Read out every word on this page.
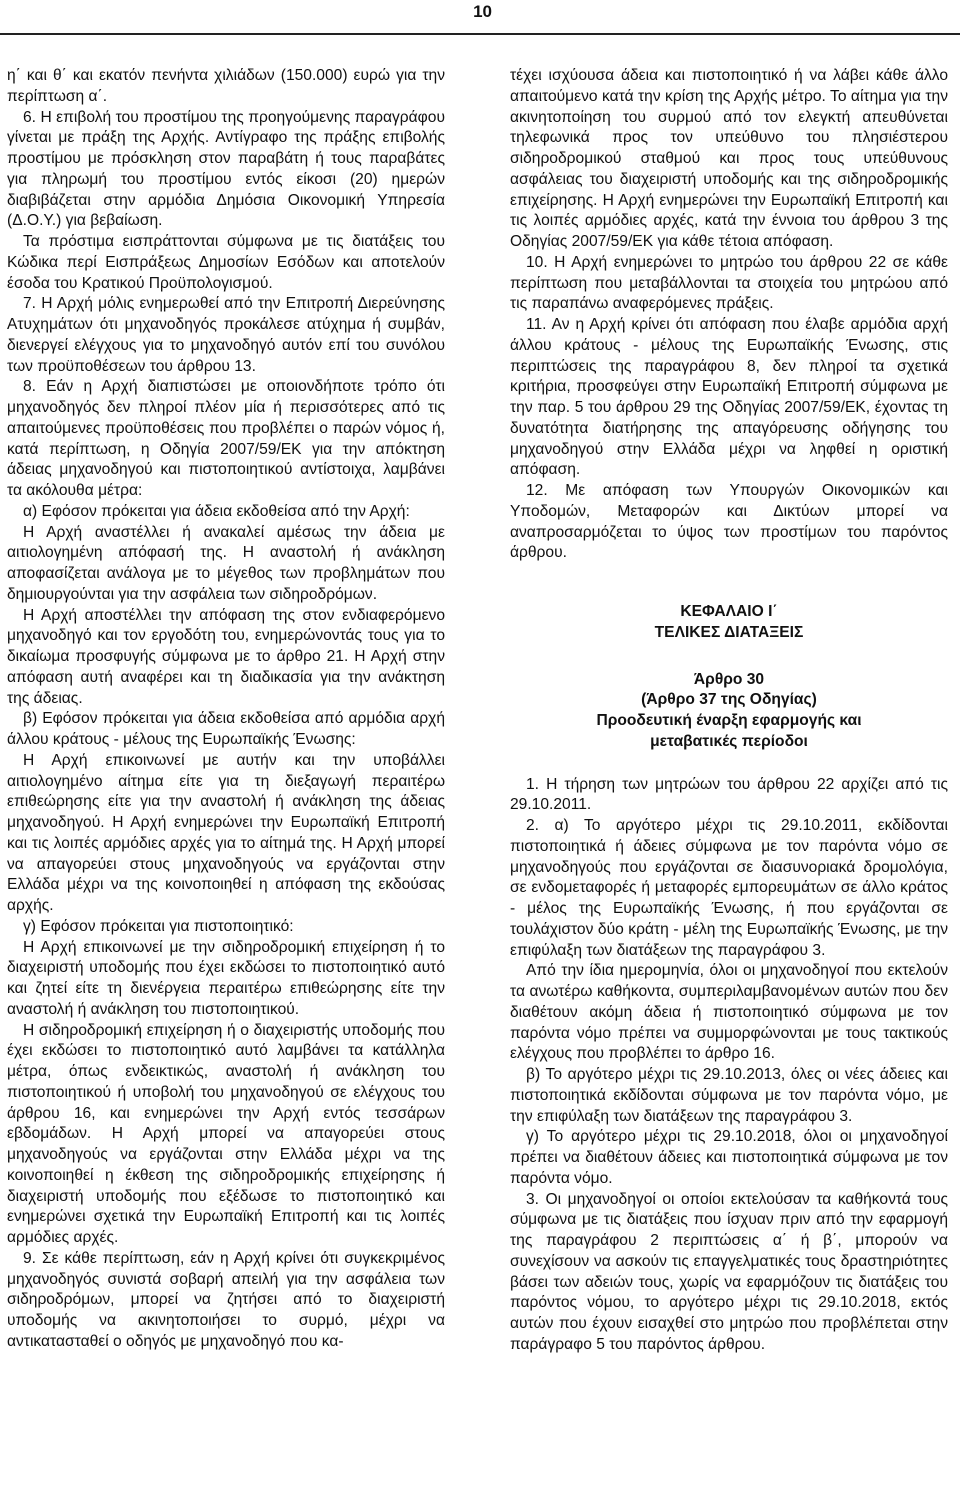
10

η΄ και θ΄ και εκατόν πενήντα χιλιάδων (150.000) ευρώ για την περίπτωση α΄.

6. Η επιβολή του προστίμου της προηγούμενης παραγράφου γίνεται με πράξη της Αρχής. Αντίγραφο της πράξης επιβολής προστίμου με πρόσκληση στον παραβάτη ή τους παραβάτες για πληρωμή του προστίμου εντός είκοσι (20) ημερών διαβιβάζεται στην αρμόδια Δημόσια Οικονομική Υπηρεσία (Δ.Ο.Υ.) για βεβαίωση.

Τα πρόστιμα εισπράττονται σύμφωνα με τις διατάξεις του Κώδικα περί Εισπράξεως Δημοσίων Εσόδων και αποτελούν έσοδα του Κρατικού Προϋπολογισμού.

7. Η Αρχή μόλις ενημερωθεί από την Επιτροπή Διερεύνησης Ατυχημάτων ότι μηχανοδηγός προκάλεσε ατύχημα ή συμβάν, διενεργεί ελέγχους για το μηχανοδηγό αυτόν επί του συνόλου των προϋποθέσεων του άρθρου 13.

8. Εάν η Αρχή διαπιστώσει με οποιονδήποτε τρόπο ότι μηχανοδηγός δεν πληροί πλέον μία ή περισσότερες από τις απαιτούμενες προϋποθέσεις που προβλέπει ο παρών νόμος ή, κατά περίπτωση, η Οδηγία 2007/59/ΕΚ για την απόκτηση άδειας μηχανοδηγού και πιστοποιητικού αντίστοιχα, λαμβάνει τα ακόλουθα μέτρα:

α) Εφόσον πρόκειται για άδεια εκδοθείσα από την Αρχή:

Η Αρχή αναστέλλει ή ανακαλεί αμέσως την άδεια με αιτιολογημένη απόφασή της. Η αναστολή ή ανάκληση αποφασίζεται ανάλογα με το μέγεθος των προβλημάτων που δημιουργούνται για την ασφάλεια των σιδηροδρόμων.

Η Αρχή αποστέλλει την απόφαση της στον ενδιαφερόμενο μηχανοδηγό και τον εργοδότη του, ενημερώνοντάς τους για το δικαίωμα προσφυγής σύμφωνα με το άρθρο 21. Η Αρχή στην απόφαση αυτή αναφέρει και τη διαδικασία για την ανάκτηση της άδειας.

β) Εφόσον πρόκειται για άδεια εκδοθείσα από αρμόδια αρχή άλλου κράτους - μέλους της Ευρωπαϊκής Ένωσης:

Η Αρχή επικοινωνεί με αυτήν και την υποβάλλει αιτιολογημένο αίτημα είτε για τη διεξαγωγή περαιτέρω επιθεώρησης είτε για την αναστολή ή ανάκληση της άδειας μηχανοδηγού. Η Αρχή ενημερώνει την Ευρωπαϊκή Επιτροπή και τις λοιπές αρμόδιες αρχές για το αίτημά της. Η Αρχή μπορεί να απαγορεύει στους μηχανοδηγούς να εργάζονται στην Ελλάδα μέχρι να της κοινοποιηθεί η απόφαση της εκδούσας αρχής.

γ) Εφόσον πρόκειται για πιστοποιητικό:

Η Αρχή επικοινωνεί με την σιδηροδρομική επιχείρηση ή το διαχειριστή υποδομής που έχει εκδώσει το πιστοποιητικό αυτό και ζητεί είτε τη διενέργεια περαιτέρω επιθεώρησης είτε την αναστολή ή ανάκληση του πιστοποιητικού.

Η σιδηροδρομική επιχείρηση ή ο διαχειριστής υποδομής που έχει εκδώσει το πιστοποιητικό αυτό λαμβάνει τα κατάλληλα μέτρα, όπως ενδεικτικώς, αναστολή ή ανάκληση του πιστοποιητικού ή υποβολή του μηχανοδηγού σε ελέγχους του άρθρου 16, και ενημερώνει την Αρχή εντός τεσσάρων εβδομάδων. Η Αρχή μπορεί να απαγορεύει στους μηχανοδηγούς να εργάζονται στην Ελλάδα μέχρι να της κοινοποιηθεί η έκθεση της σιδηροδρομικής επιχείρησης ή διαχειριστή υποδομής που εξέδωσε το πιστοποιητικό και ενημερώνει σχετικά την Ευρωπαϊκή Επιτροπή και τις λοιπές αρμόδιες αρχές.

9. Σε κάθε περίπτωση, εάν η Αρχή κρίνει ότι συγκεκριμένος μηχανοδηγός συνιστά σοβαρή απειλή για την ασφάλεια των σιδηροδρόμων, μπορεί να ζητήσει από το διαχειριστή υποδομής να ακινητοποιήσει το συρμό, μέχρι να αντικατασταθεί ο οδηγός με μηχανοδηγό που κα-

τέχει ισχύουσα άδεια και πιστοποιητικό ή να λάβει κάθε άλλο απαιτούμενο κατά την κρίση της Αρχής μέτρο. Το αίτημα για την ακινητοποίηση του συρμού από τον ελεγκτή απευθύνεται τηλεφωνικά προς τον υπεύθυνο του πλησιέστερου σιδηροδρομικού σταθμού και προς τους υπεύθυνους ασφάλειας του διαχειριστή υποδομής και της σιδηροδρομικής επιχείρησης. Η Αρχή ενημερώνει την Ευρωπαϊκή Επιτροπή και τις λοιπές αρμόδιες αρχές, κατά την έννοια του άρθρου 3 της Οδηγίας 2007/59/ΕΚ για κάθε τέτοια απόφαση.

10. Η Αρχή ενημερώνει το μητρώο του άρθρου 22 σε κάθε περίπτωση που μεταβάλλονται τα στοιχεία του μητρώου από τις παραπάνω αναφερόμενες πράξεις.

11. Αν η Αρχή κρίνει ότι απόφαση που έλαβε αρμόδια αρχή άλλου κράτους - μέλους της Ευρωπαϊκής Ένωσης, στις περιπτώσεις της παραγράφου 8, δεν πληροί τα σχετικά κριτήρια, προσφεύγει στην Ευρωπαϊκή Επιτροπή σύμφωνα με την παρ. 5 του άρθρου 29 της Οδηγίας 2007/59/ΕΚ, έχοντας τη δυνατότητα διατήρησης της απαγόρευσης οδήγησης του μηχανοδηγού στην Ελλάδα μέχρι να ληφθεί η οριστική απόφαση.

12. Με απόφαση των Υπουργών Οικονομικών και Υποδομών, Μεταφορών και Δικτύων μπορεί να αναπροσαρμόζεται το ύψος των προστίμων του παρόντος άρθρου.

ΚΕΦΑΛΑΙΟ Ι΄

ΤΕΛΙΚΕΣ ΔΙΑΤΑΞΕΙΣ

Άρθρο 30

(Άρθρο 37 της Οδηγίας)

Προοδευτική έναρξη εφαρμογής και

μεταβατικές περίοδοι

1. Η τήρηση των μητρώων του άρθρου 22 αρχίζει από τις 29.10.2011.

2. α) Το αργότερο μέχρι τις 29.10.2011, εκδίδονται πιστοποιητικά ή άδειες σύμφωνα με τον παρόντα νόμο σε μηχανοδηγούς που εργάζονται σε διασυνοριακά δρομολόγια, σε ενδομεταφορές ή μεταφορές εμπορευμάτων σε άλλο κράτος - μέλος της Ευρωπαϊκής Ένωσης, ή που εργάζονται σε τουλάχιστον δύο κράτη - μέλη της Ευρωπαϊκής Ένωσης, με την επιφύλαξη των διατάξεων της παραγράφου 3.

Από την ίδια ημερομηνία, όλοι οι μηχανοδηγοί που εκτελούν τα ανωτέρω καθήκοντα, συμπεριλαμβανομένων αυτών που δεν διαθέτουν ακόμη άδεια ή πιστοποιητικό σύμφωνα με τον παρόντα νόμο πρέπει να συμμορφώνονται με τους τακτικούς ελέγχους που προβλέπει το άρθρο 16.

β) Το αργότερο μέχρι τις 29.10.2013, όλες οι νέες άδειες και πιστοποιητικά εκδίδονται σύμφωνα με τον παρόντα νόμο, με την επιφύλαξη των διατάξεων της παραγράφου 3.

γ) Το αργότερο μέχρι τις 29.10.2018, όλοι οι μηχανοδηγοί πρέπει να διαθέτουν άδειες και πιστοποιητικά σύμφωνα με τον παρόντα νόμο.

3. Οι μηχανοδηγοί οι οποίοι εκτελούσαν τα καθήκοντά τους σύμφωνα με τις διατάξεις που ίσχυαν πριν από την εφαρμογή της παραγράφου 2 περιπτώσεις α΄ ή β΄, μπορούν να συνεχίσουν να ασκούν τις επαγγελματικές τους δραστηριότητες βάσει των αδειών τους, χωρίς να εφαρμόζουν τις διατάξεις του παρόντος νόμου, το αργότερο μέχρι τις 29.10.2018, εκτός αυτών που έχουν εισαχθεί στο μητρώο που προβλέπεται στην παράγραφο 5 του παρόντος άρθρου.
